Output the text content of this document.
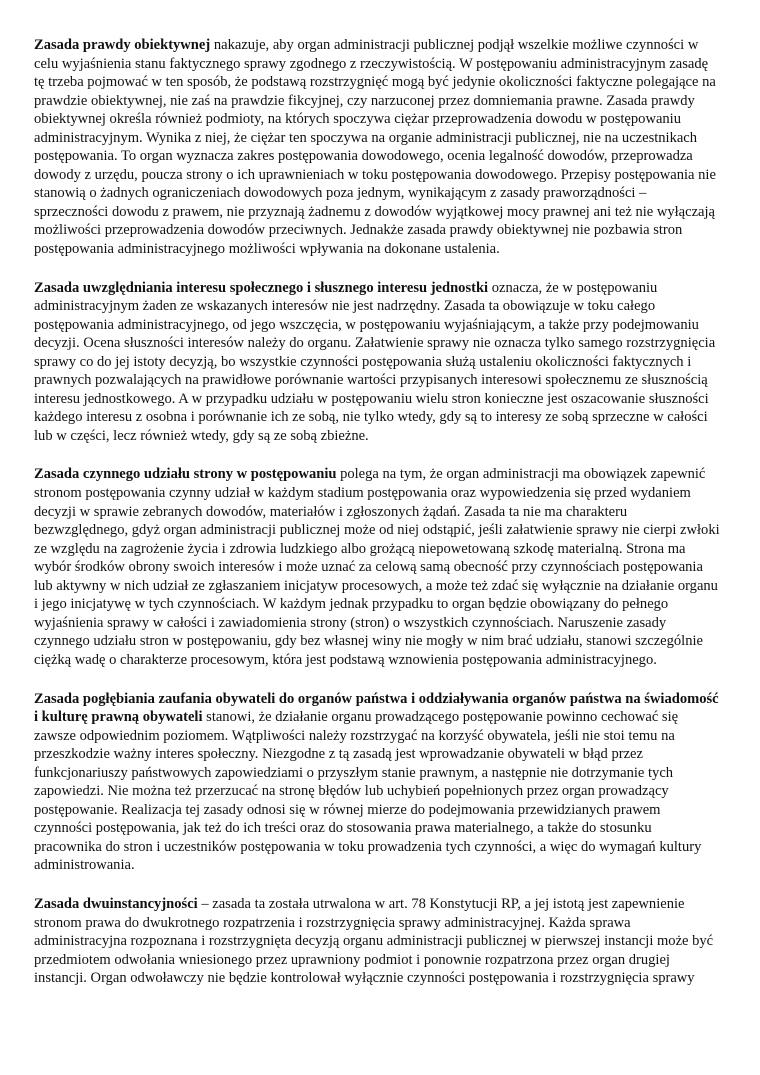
Zasada prawdy obiektywnej nakazuje, aby organ administracji publicznej podjął wszelkie możliwe czynności w celu wyjaśnienia stanu faktycznego sprawy zgodnego z rzeczywistością. W postępowaniu administracyjnym zasadę tę trzeba pojmować w ten sposób, że podstawą rozstrzygnięć mogą być jedynie okoliczności faktyczne polegające na prawdzie obiektywnej, nie zaś na prawdzie fikcyjnej, czy narzuconej przez domniemania prawne. Zasada prawdy obiektywnej określa również podmioty, na których spoczywa ciężar przeprowadzenia dowodu w postępowaniu administracyjnym. Wynika z niej, że ciężar ten spoczywa na organie administracji publicznej, nie na uczestnikach postępowania. To organ wyznacza zakres postępowania dowodowego, ocenia legalność dowodów, przeprowadza dowody z urzędu, poucza strony o ich uprawnieniach w toku postępowania dowodowego. Przepisy postępowania nie stanowią o żadnych ograniczeniach dowodowych poza jednym, wynikającym z zasady praworządności – sprzeczności dowodu z prawem, nie przyznają żadnemu z dowodów wyjątkowej mocy prawnej ani też nie wyłączają możliwości przeprowadzenia dowodów przeciwnych. Jednakże zasada prawdy obiektywnej nie pozbawia stron postępowania administracyjnego możliwości wpływania na dokonane ustalenia.

Zasada uwzględniania interesu społecznego i słusznego interesu jednostki oznacza, że w postępowaniu administracyjnym żaden ze wskazanych interesów nie jest nadrzędny. Zasada ta obowiązuje w toku całego postępowania administracyjnego, od jego wszczęcia, w postępowaniu wyjaśniającym, a także przy podejmowaniu decyzji. Ocena słuszności interesów należy do organu. Załatwienie sprawy nie oznacza tylko samego rozstrzygnięcia sprawy co do jej istoty decyzją, bo wszystkie czynności postępowania służą ustaleniu okoliczności faktycznych i prawnych pozwalających na prawidłowe porównanie wartości przypisanych interesowi społecznemu ze słusznością interesu jednostkowego. A w przypadku udziału w postępowaniu wielu stron konieczne jest oszacowanie słuszności każdego interesu z osobna i porównanie ich ze sobą, nie tylko wtedy, gdy są to interesy ze sobą sprzeczne w całości lub w części, lecz również wtedy, gdy są ze sobą zbieżne.

Zasada czynnego udziału strony w postępowaniu polega na tym, że organ administracji ma obowiązek zapewnić stronom postępowania czynny udział w każdym stadium postępowania oraz wypowiedzenia się przed wydaniem decyzji w sprawie zebranych dowodów, materiałów i zgłoszonych żądań. Zasada ta nie ma charakteru bezwzględnego, gdyż organ administracji publicznej może od niej odstąpić, jeśli załatwienie sprawy nie cierpi zwłoki ze względu na zagrożenie życia i zdrowia ludzkiego albo grożącą niepowetowaną szkodę materialną. Strona ma wybór środków obrony swoich interesów i może uznać za celową samą obecność przy czynnościach postępowania lub aktywny w nich udział ze zgłaszaniem inicjatyw procesowych, a może też zdać się wyłącznie na działanie organu i jego inicjatywę w tych czynnościach. W każdym jednak przypadku to organ będzie obowiązany do pełnego wyjaśnienia sprawy w całości i zawiadomienia strony (stron) o wszystkich czynnościach. Naruszenie zasady czynnego udziału stron w postępowaniu, gdy bez własnej winy nie mogły w nim brać udziału, stanowi szczególnie ciężką wadę o charakterze procesowym, która jest podstawą wznowienia postępowania administracyjnego.

Zasada pogłębiania zaufania obywateli do organów państwa i oddziaływania organów państwa na świadomość i kulturę prawną obywateli stanowi, że działanie organu prowadzącego postępowanie powinno cechować się zawsze odpowiednim poziomem. Wątpliwości należy rozstrzygać na korzyść obywatela, jeśli nie stoi temu na przeszkodzie ważny interes społeczny. Niezgodne z tą zasadą jest wprowadzanie obywateli w błąd przez funkcjonariuszy państwowych zapowiedziami o przyszłym stanie prawnym, a następnie nie dotrzymanie tych zapowiedzi. Nie można też przerzucać na stronę błędów lub uchybień popełnionych przez organ prowadzący postępowanie. Realizacja tej zasady odnosi się w równej mierze do podejmowania przewidzianych prawem czynności postępowania, jak też do ich treści oraz do stosowania prawa materialnego, a także do stosunku pracownika do stron i uczestników postępowania w toku prowadzenia tych czynności, a więc do wymagań kultury administrowania.

Zasada dwuinstancyjności – zasada ta została utrwalona w art. 78 Konstytucji RP, a jej istotą jest zapewnienie stronom prawa do dwukrotnego rozpatrzenia i rozstrzygnięcia sprawy administracyjnej. Każda sprawa administracyjna rozpoznana i rozstrzygnięta decyzją organu administracji publicznej w pierwszej instancji może być przedmiotem odwołania wniesionego przez uprawniony podmiot i ponownie rozpatrzona przez organ drugiej instancji. Organ odwoławczy nie będzie kontrolował wyłącznie czynności postępowania i rozstrzygnięcia sprawy
